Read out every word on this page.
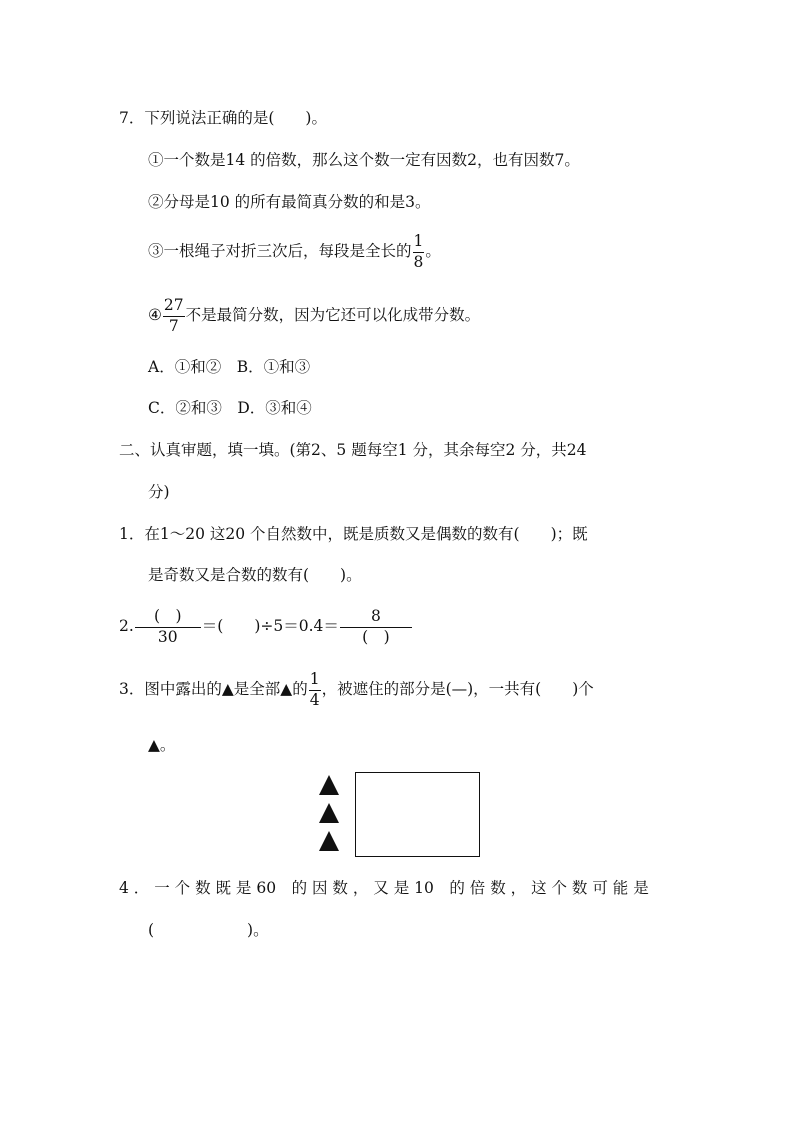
7．下列说法正确的是(　　)。
①一个数是14 的倍数，那么这个数一定有因数2，也有因数7。
②分母是10 的所有最简真分数的和是3。
③一根绳子对折三次后，每段是全长的 $\frac{1}{8}$ 。
④ $\frac{27}{7}$ 不是最简分数，因为它还可以化成带分数。
A．①和②　B．①和③
C．②和③　D．③和④
二、认真审题，填一填。(第2、5 题每空1 分，其余每空2 分，共24
分)
1．在1～20 这20 个自然数中，既是质数又是偶数的数有(　　)；既
是奇数又是合数的数有(　　)。
2. $\frac{( )}{30}$ ＝(　　)$\div 5=0.4= \frac{8}{( )}$
3．图中露出的▲是全部▲的 $\frac{1}{4}$ ，被遮住的部分是(—)，一共有(　　)个
▲。
4 ． 一 个 数 既 是 60　的 因 数 ， 又 是 10　的 倍 数 ， 这 个 数 可 能 是
(　　　　　　)。
